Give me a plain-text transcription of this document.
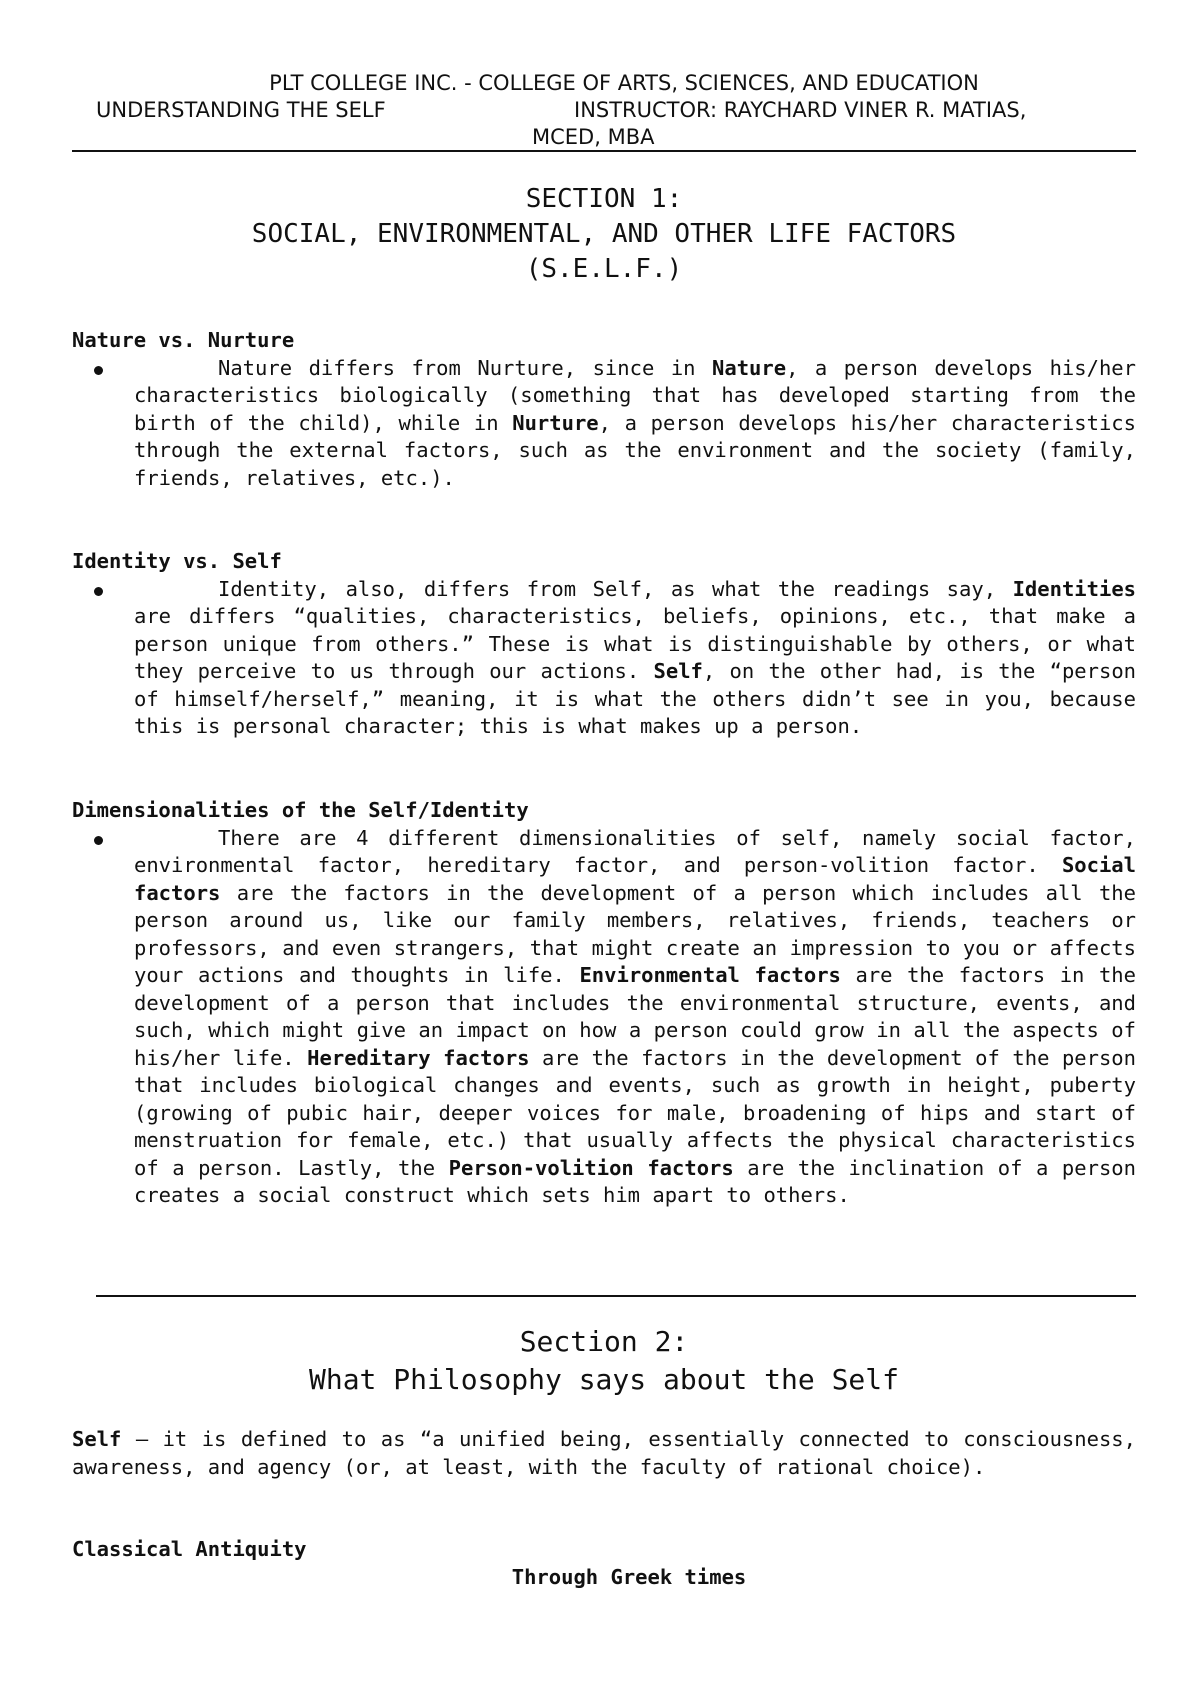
PLT COLLEGE INC. - COLLEGE OF ARTS, SCIENCES, AND EDUCATION
UNDERSTANDING THE SELF	INSTRUCTOR: RAYCHARD VINER R. MATIAS,
MCED, MBA
SECTION 1:
SOCIAL, ENVIRONMENTAL, AND OTHER LIFE FACTORS
(S.E.L.F.)
Nature vs. Nurture
Nature differs from Nurture, since in Nature, a person develops his/her characteristics biologically (something that has developed starting from the birth of the child), while in Nurture, a person develops his/her characteristics through the external factors, such as the environment and the society (family, friends, relatives, etc.).
Identity vs. Self
Identity, also, differs from Self, as what the readings say, Identities are differs “qualities, characteristics, beliefs, opinions, etc., that make a person unique from others.” These is what is distinguishable by others, or what they perceive to us through our actions. Self, on the other had, is the “person of himself/herself,” meaning, it is what the others didn’t see in you, because this is personal character; this is what makes up a person.
Dimensionalities of the Self/Identity
There are 4 different dimensionalities of self, namely social factor, environmental factor, hereditary factor, and person-volition factor. Social factors are the factors in the development of a person which includes all the person around us, like our family members, relatives, friends, teachers or professors, and even strangers, that might create an impression to you or affects your actions and thoughts in life. Environmental factors are the factors in the development of a person that includes the environmental structure, events, and such, which might give an impact on how a person could grow in all the aspects of his/her life. Hereditary factors are the factors in the development of the person that includes biological changes and events, such as growth in height, puberty (growing of pubic hair, deeper voices for male, broadening of hips and start of menstruation for female, etc.) that usually affects the physical characteristics of a person. Lastly, the Person-volition factors are the inclination of a person creates a social construct which sets him apart to others.
Section 2:
What Philosophy says about the Self
Self – it is defined to as “a unified being, essentially connected to consciousness, awareness, and agency (or, at least, with the faculty of rational choice).
Classical Antiquity
Through Greek times
